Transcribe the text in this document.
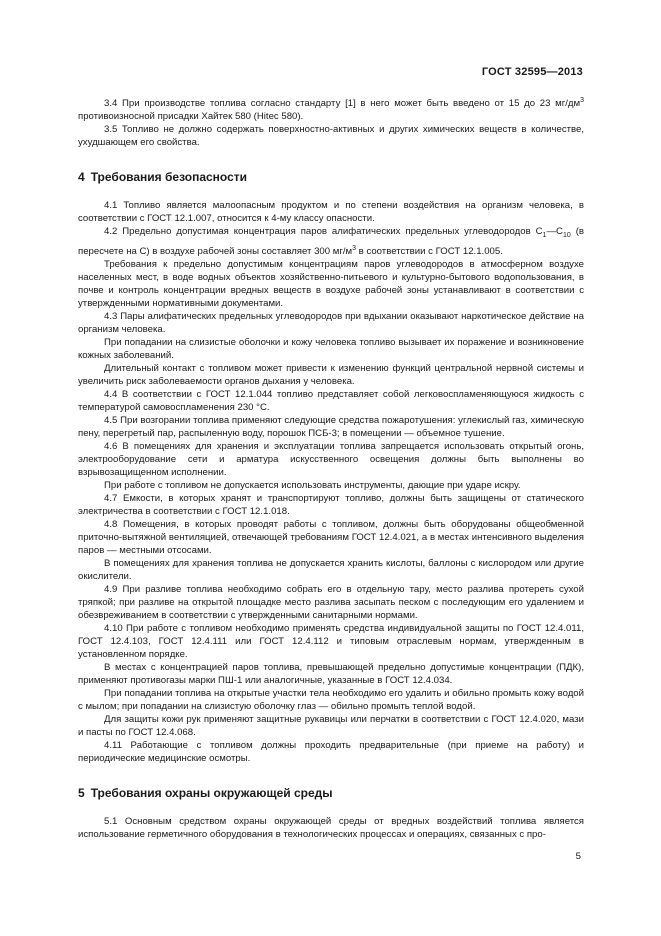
ГОСТ 32595—2013

3.4 При производстве топлива согласно стандарту [1] в него может быть введено от 15 до 23 $мг/дм^3$ противоизносной присадки Хайтек 580 (Hitec 580).

3.5 Топливо не должно содержать поверхностно-активных и других химических веществ в количестве, ухудшающем его свойства.

4 Требования безопасности

4.1 Топливо является малоопасным продуктом и по степени воздействия на организм человека, в соответствии с ГОСТ 12.1.007, относится к 4-му классу опасности.

4.2 Предельно допустимая концентрация паров алифатических предельных углеводородов $С_1—С_{10}$ (в пересчете на С) в воздухе рабочей зоны составляет 300 $мг/м^3$ в соответствии с ГОСТ 12.1.005.

Требования к предельно допустимым концентрациям паров углеводородов в атмосферном воздухе населенных мест, в воде водных объектов хозяйственно-питьевого и культурно-бытового водопользования, в почве и контроль концентрации вредных веществ в воздухе рабочей зоны устанавливают в соответствии с утвержденными нормативными документами.

4.3 Пары алифатических предельных углеводородов при вдыхании оказывают наркотическое действие на организм человека.

При попадании на слизистые оболочки и кожу человека топливо вызывает их поражение и возникновение кожных заболеваний.

Длительный контакт с топливом может привести к изменению функций центральной нервной системы и увеличить риск заболеваемости органов дыхания у человека.

4.4 В соответствии с ГОСТ 12.1.044 топливо представляет собой легковоспламеняющуюся жидкость с температурой самовоспламенения 230 °С.

4.5 При возгорании топлива применяют следующие средства пожаротушения: углекислый газ, химическую пену, перегретый пар, распыленную воду, порошок ПСБ-3; в помещении — объемное тушение.

4.6 В помещениях для хранения и эксплуатации топлива запрещается использовать открытый огонь, электрооборудование сети и арматура искусственного освещения должны быть выполнены во взрывозащищенном исполнении.

При работе с топливом не допускается использовать инструменты, дающие при ударе искру.

4.7 Емкости, в которых хранят и транспортируют топливо, должны быть защищены от статического электричества в соответствии с ГОСТ 12.1.018.

4.8 Помещения, в которых проводят работы с топливом, должны быть оборудованы общеобменной приточно-вытяжной вентиляцией, отвечающей требованиям ГОСТ 12.4.021, а в местах интенсивного выделения паров — местными отсосами.

В помещениях для хранения топлива не допускается хранить кислоты, баллоны с кислородом или другие окислители.

4.9 При разливе топлива необходимо собрать его в отдельную тару, место разлива протереть сухой тряпкой; при разливе на открытой площадке место разлива засыпать песком с последующим его удалением и обезвреживанием в соответствии с утвержденными санитарными нормами.

4.10 При работе с топливом необходимо применять средства индивидуальной защиты по ГОСТ 12.4.011, ГОСТ 12.4.103, ГОСТ 12.4.111 или ГОСТ 12.4.112 и типовым отраслевым нормам, утвержденным в установленном порядке.

В местах с концентрацией паров топлива, превышающей предельно допустимые концентрации (ПДК), применяют противогазы марки ПШ-1 или аналогичные, указанные в ГОСТ 12.4.034.

При попадании топлива на открытые участки тела необходимо его удалить и обильно промыть кожу водой с мылом; при попадании на слизистую оболочку глаз — обильно промыть теплой водой.

Для защиты кожи рук применяют защитные рукавицы или перчатки в соответствии с ГОСТ 12.4.020, мази и пасты по ГОСТ 12.4.068.

4.11 Работающие с топливом должны проходить предварительные (при приеме на работу) и периодические медицинские осмотры.

5 Требования охраны окружающей среды

5.1 Основным средством охраны окружающей среды от вредных воздействий топлива является использование герметичного оборудования в технологических процессах и операциях, связанных с про-

5
